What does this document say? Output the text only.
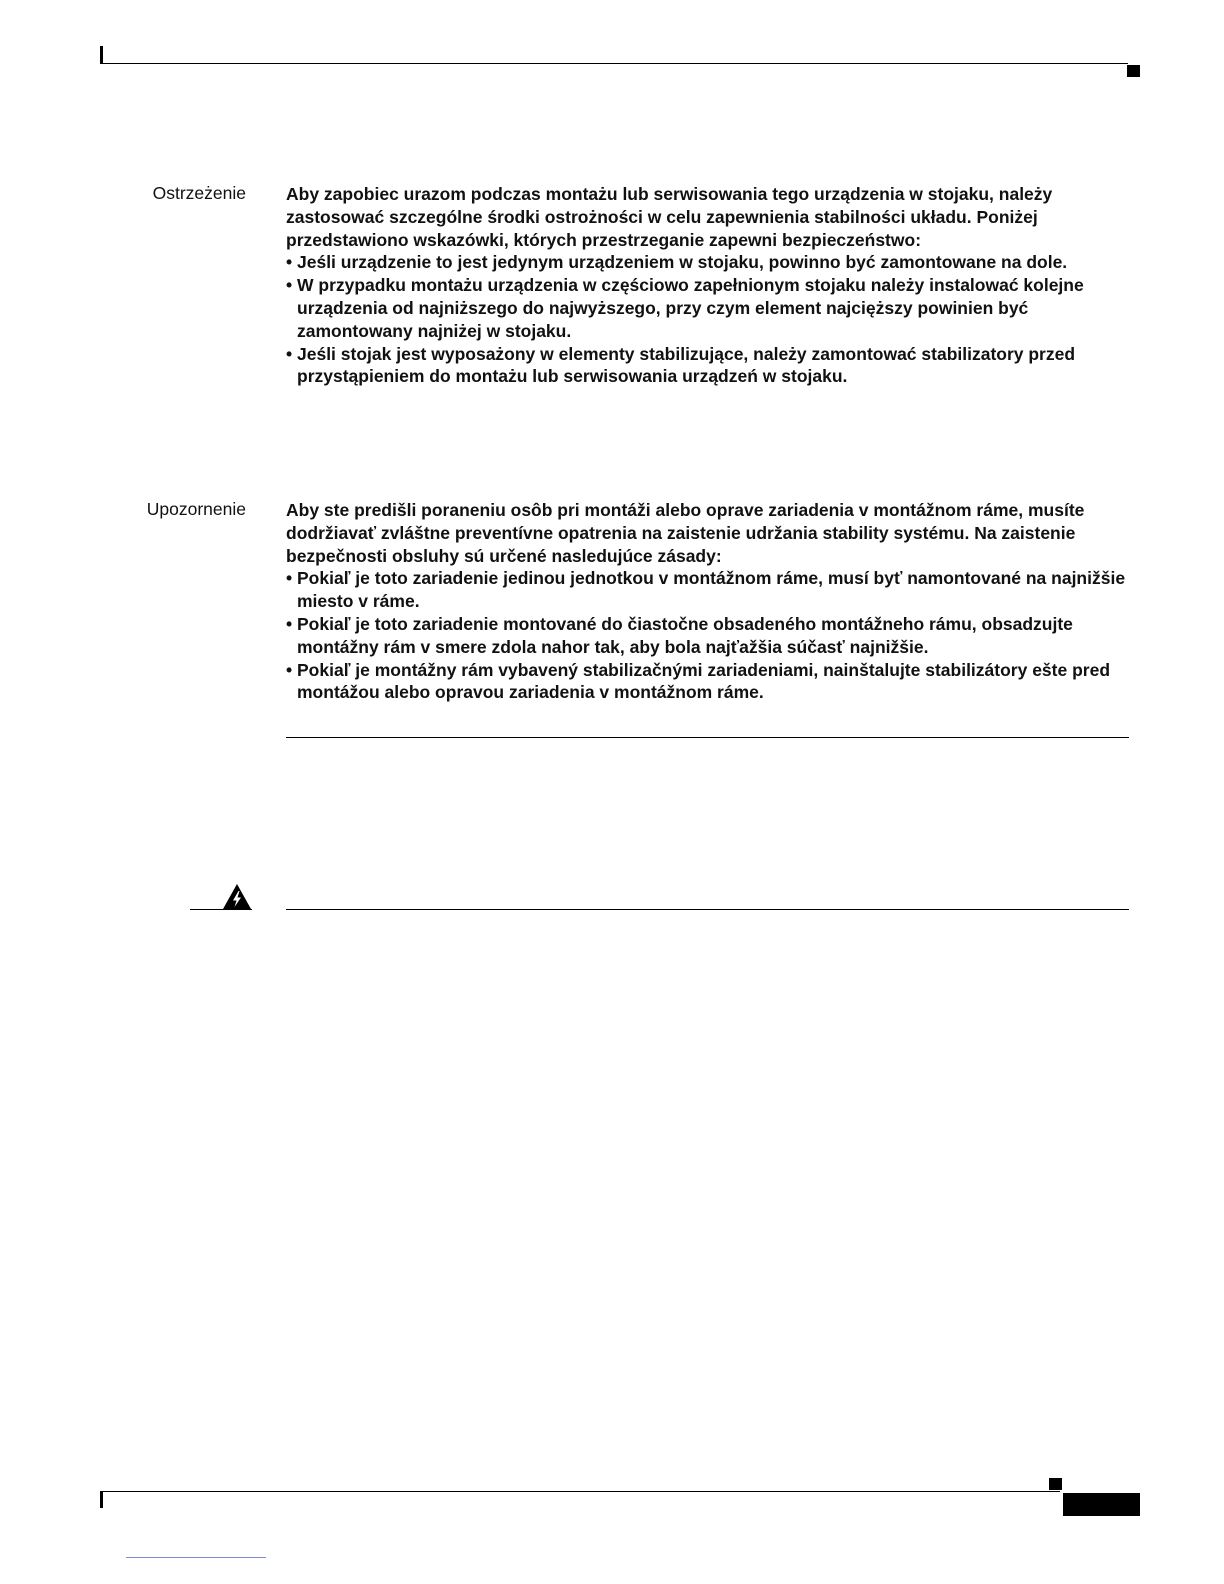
Ostrzeżenie Aby zapobiec urazom podczas montażu lub serwisowania tego urządzenia w stojaku, należy zastosować szczególne środki ostrożności w celu zapewnienia stabilności układu. Poniżej przedstawiono wskazówki, których przestrzeganie zapewni bezpieczeństwo:

• Jeśli urządzenie to jest jedynym urządzeniem w stojaku, powinno być zamontowane na dole.
• W przypadku montażu urządzenia w częściowo zapełnionym stojaku należy instalować kolejne urządzenia od najniższego do najwyższego, przy czym element najcięższy powinien być zamontowany najniżej w stojaku.
• Jeśli stojak jest wyposażony w elementy stabilizujące, należy zamontować stabilizatory przed przystąpieniem do montażu lub serwisowania urządzeń w stojaku.
Upozornenie Aby ste predišli poraneniu osôb pri montáži alebo oprave zariadenia v montážnom ráme, musíte dodržiavať zvláštne preventívne opatrenia na zaistenie udržania stability systému. Na zaistenie bezpečnosti obsluhy sú určené nasledujúce zásady:

• Pokiaľ je toto zariadenie jedinou jednotkou v montážnom ráme, musí byť namontované na najnižšie miesto v ráme.
• Pokiaľ je toto zariadenie montované do čiastočne obsadeného montážneho rámu, obsadzujte montážny rám v smere zdola nahor tak, aby bola najťažšia súčasť najnižšie.
• Pokiaľ je montážny rám vybavený stabilizačnými zariadeniami, nainštalujte stabilizátory ešte pred montážou alebo opravou zariadenia v montážnom ráme.
